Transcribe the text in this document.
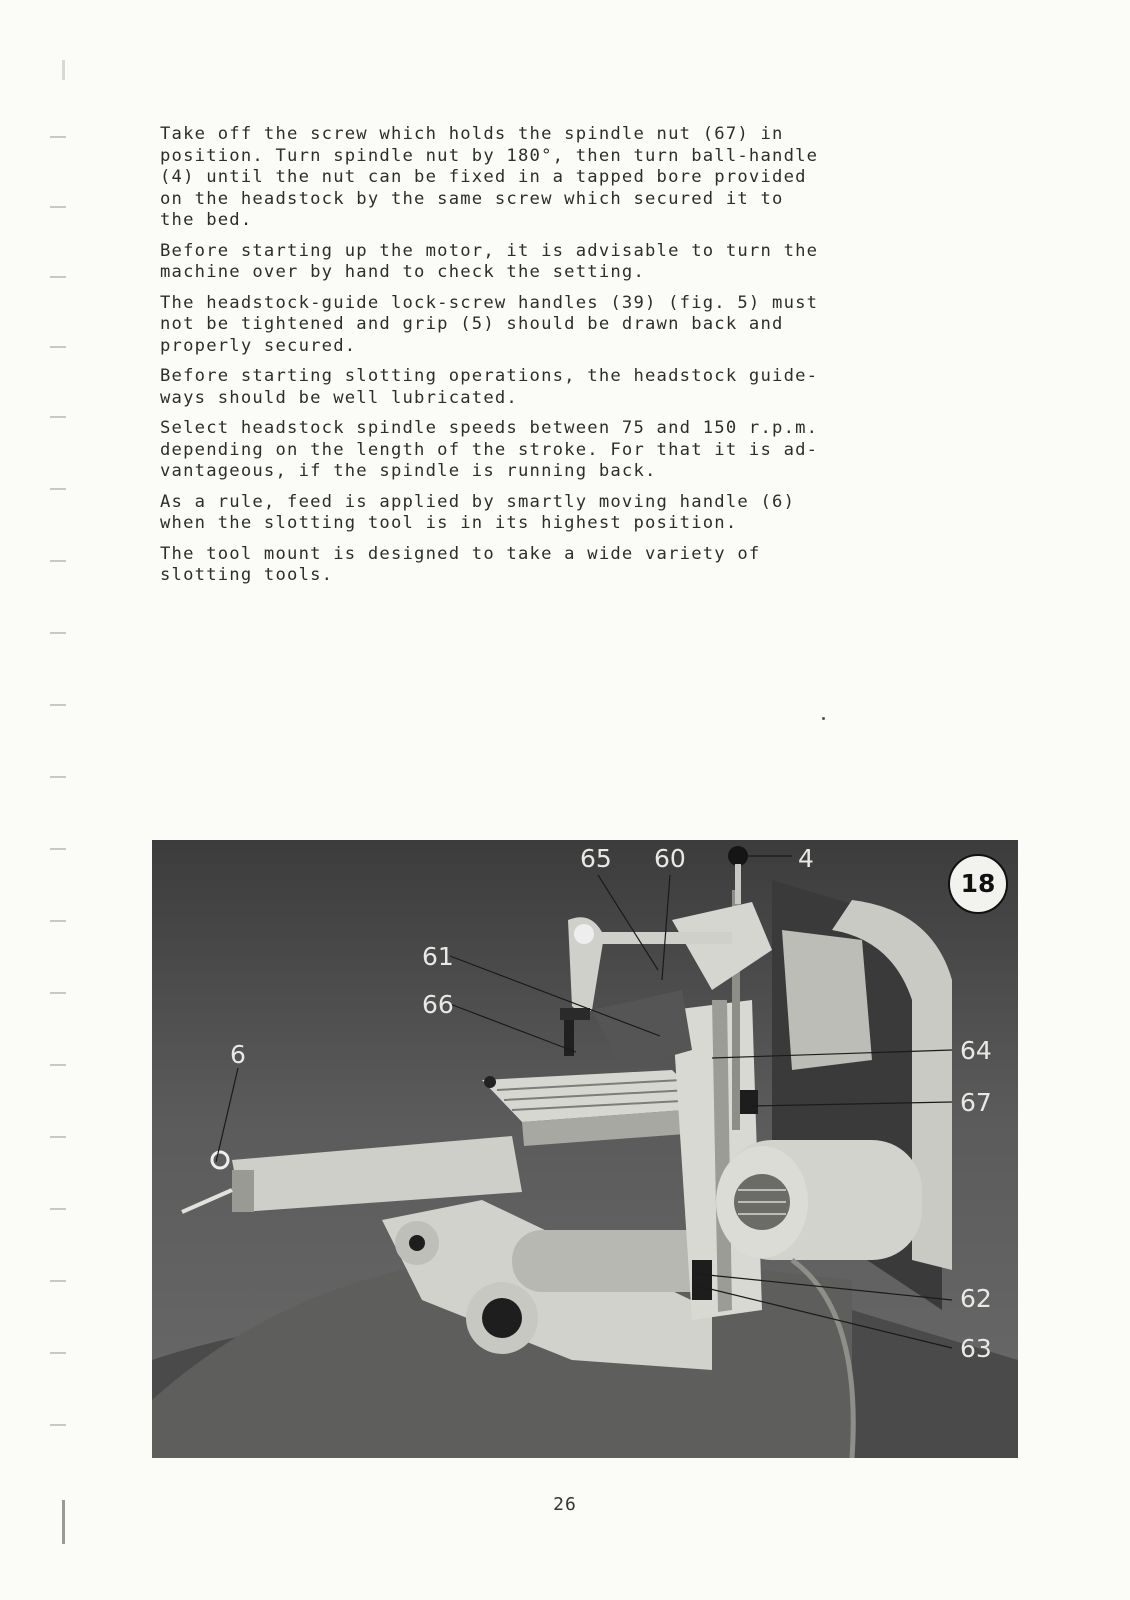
Take off the screw which holds the spindle nut (67) in
position. Turn spindle nut by 180°, then turn ball-handle
(4) until the nut can be fixed in a tapped bore provided
on the headstock by the same screw which secured it to
the bed.

Before starting up the motor, it is advisable to turn the
machine over by hand to check the setting.

The headstock-guide lock-screw handles (39) (fig. 5) must
not be tightened and grip (5) should be drawn back and
properly secured.

Before starting slotting operations, the headstock guide-
ways should be well lubricated.

Select headstock spindle speeds between 75 and 150 r.p.m.
depending on the length of the stroke. For that it is ad-
vantageous, if the spindle is running back.

As a rule, feed is applied by smartly moving handle (6)
when the slotting tool is in its highest position.

The tool mount is designed to take a wide variety of
slotting tools.

65 60	4
61
66
6	64
67
62
63
18
26
